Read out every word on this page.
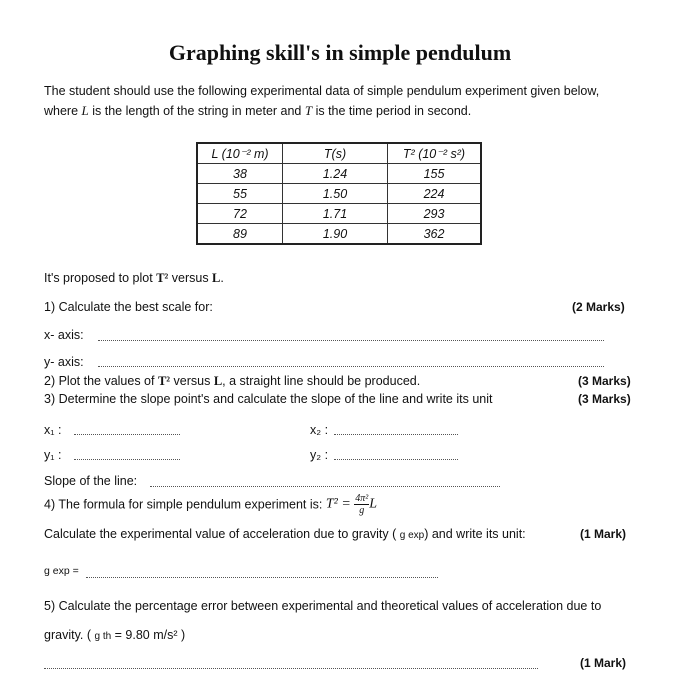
Graphing skill's in simple pendulum
The student should use the following experimental data of simple pendulum experiment given below,
where L is the length of the string in meter and T is the time period in second.
L (10⁻² m)	T(s)	T² (10⁻² s²)
38	1.24	155
55	1.50	224
72	1.71	293
89	1.90	362
It's proposed to plot T² versus L.
1) Calculate the best scale for:	(2 Marks)
x- axis:
y- axis:
2) Plot the values of T² versus L, a straight line should be produced.	(3 Marks)
3) Determine the slope point's and calculate the slope of the line and write its unit	(3 Marks)
x₁ :	x₂ :
y₁ :	y₂ :
Slope of the line:
4) The formula for simple pendulum experiment is: $T^2 = \frac{\text{4π²}}{g}$ L
Calculate the experimental value of acceleration due to gravity ( g exp) and write its unit:	(1 Mark)
g exp =
5) Calculate the percentage error between experimental and theoretical values of acceleration due to
gravity. ( g th = 9.80 m/s² )
(1 Mark)
